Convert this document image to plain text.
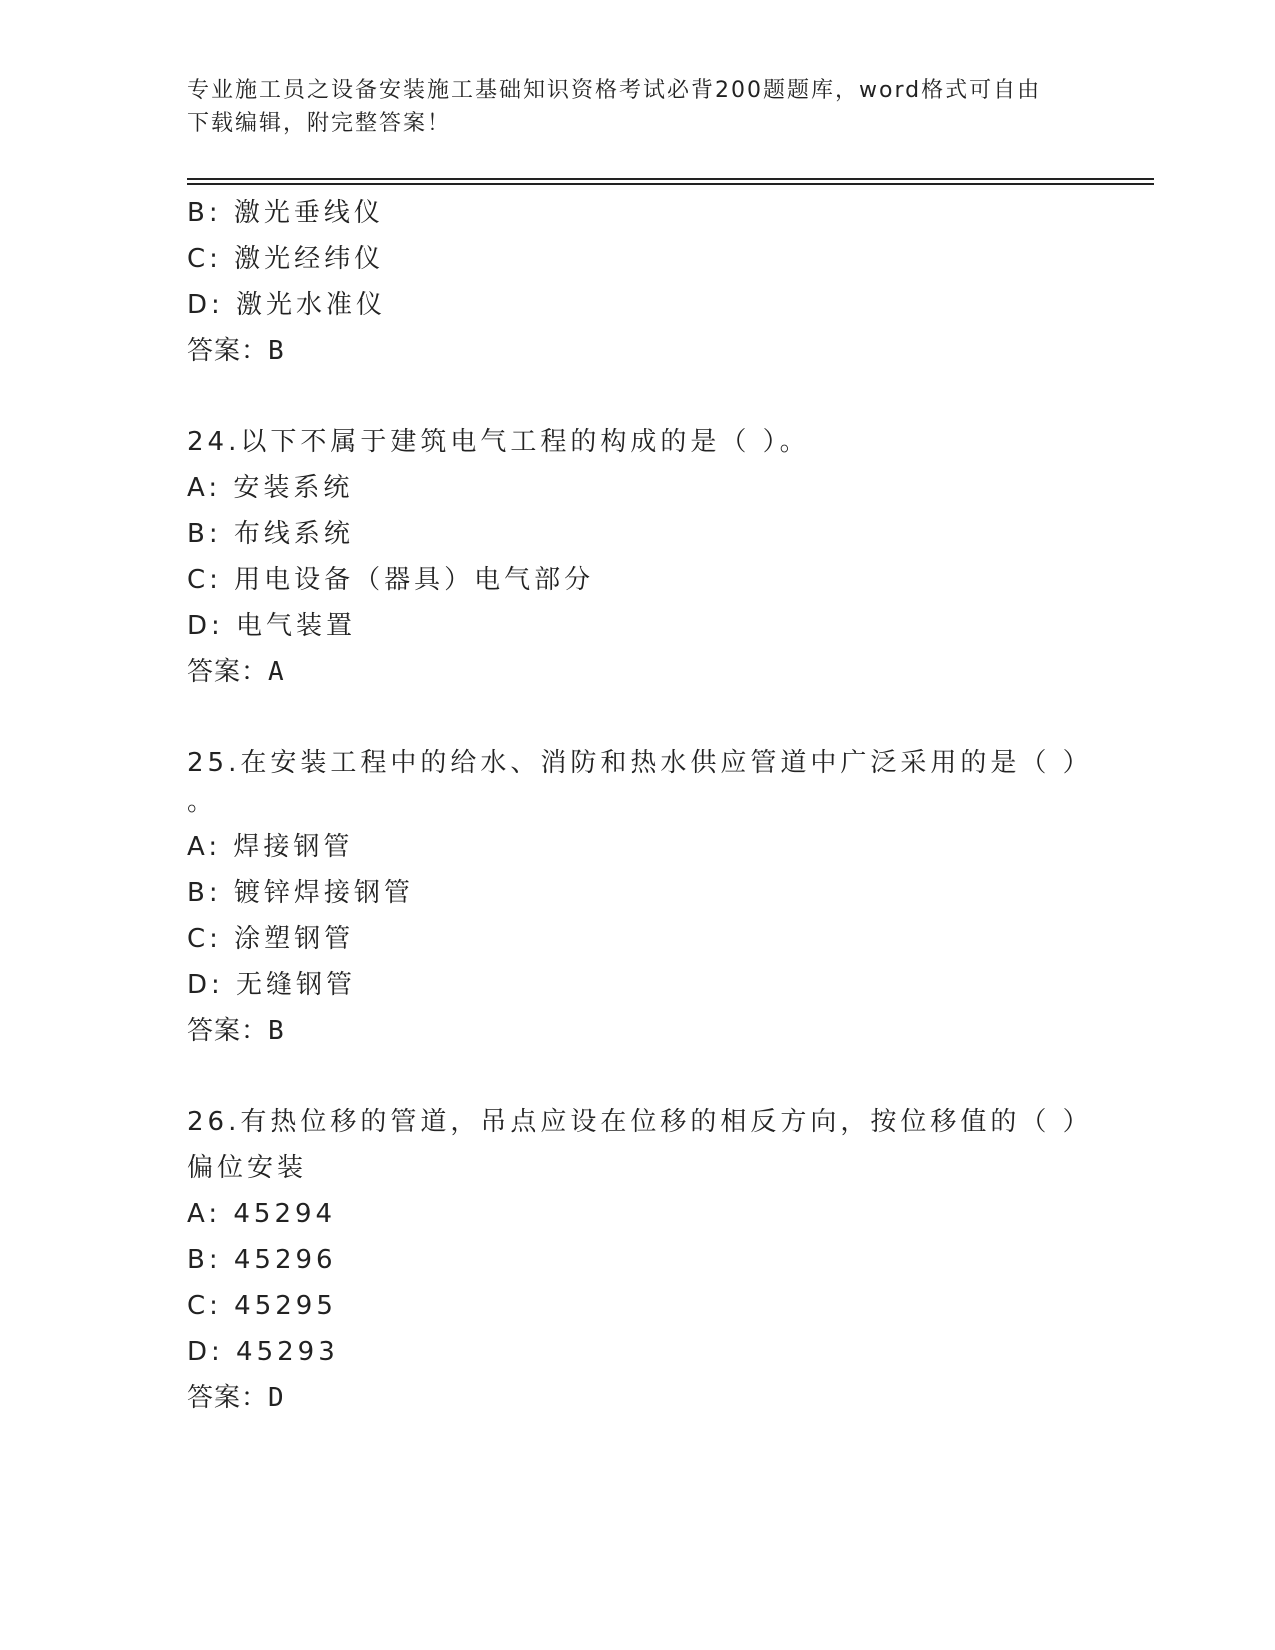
专业施工员之设备安装施工基础知识资格考试必背200题题库，word格式可自由
下载编辑，附完整答案！
B: 激光垂线仪
C: 激光经纬仪
D: 激光水准仪
答案：B
24.以下不属于建筑电气工程的构成的是（ ）。
A: 安装系统
B: 布线系统
C: 用电设备（器具）电气部分
D: 电气装置
答案：A
25.在安装工程中的给水、消防和热水供应管道中广泛采用的是（ ）
。
A: 焊接钢管
B: 镀锌焊接钢管
C: 涂塑钢管
D: 无缝钢管
答案：B
26.有热位移的管道，吊点应设在位移的相反方向，按位移值的（ ）
偏位安装
A: 45294
B: 45296
C: 45295
D: 45293
答案：D
